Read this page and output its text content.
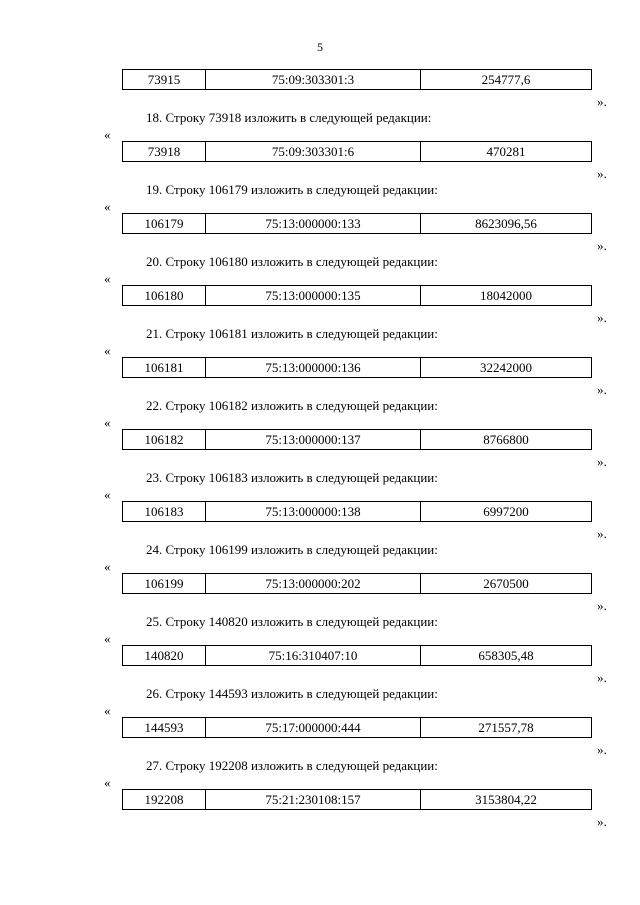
5
73915	75:09:303301:3	254777,6
».
18. Строку 73918 изложить в следующей редакции:
«
73918	75:09:303301:6	470281
».
19. Строку 106179 изложить в следующей редакции:
«
106179	75:13:000000:133	8623096,56
».
20. Строку 106180 изложить в следующей редакции:
«
106180	75:13:000000:135	18042000
».
21. Строку 106181 изложить в следующей редакции:
«
106181	75:13:000000:136	32242000
».
22. Строку 106182 изложить в следующей редакции:
«
106182	75:13:000000:137	8766800
».
23. Строку 106183 изложить в следующей редакции:
«
106183	75:13:000000:138	6997200
».
24. Строку 106199 изложить в следующей редакции:
«
106199	75:13:000000:202	2670500
».
25. Строку 140820 изложить в следующей редакции:
«
140820	75:16:310407:10	658305,48
».
26. Строку 144593 изложить в следующей редакции:
«
144593	75:17:000000:444	271557,78
».
27. Строку 192208 изложить в следующей редакции:
«
192208	75:21:230108:157	3153804,22
».
